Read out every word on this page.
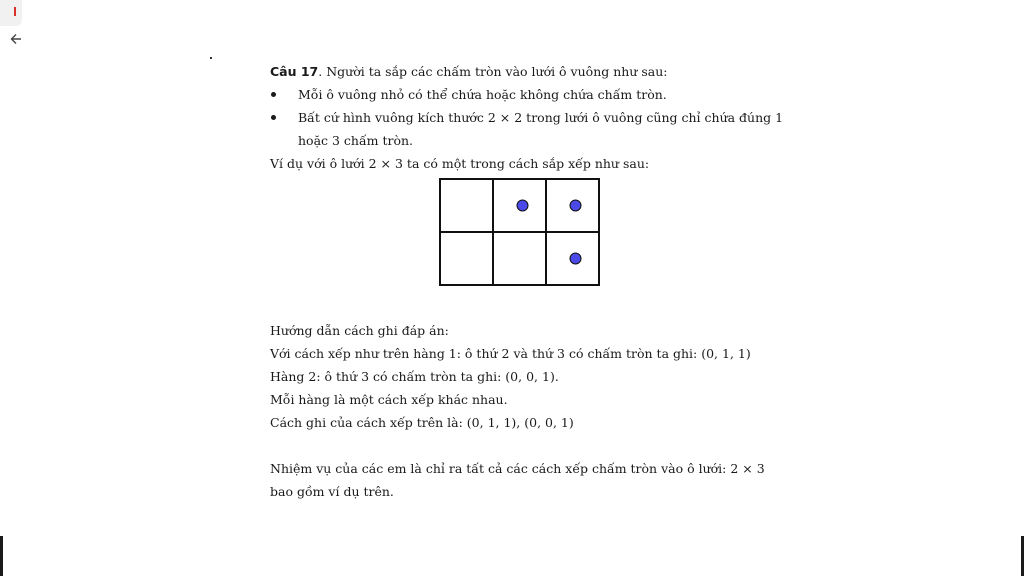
Câu 17. Người ta sắp các chấm tròn vào lưới ô vuông như sau:

Mỗi ô vuông nhỏ có thể chứa hoặc không chứa chấm tròn.

Bất cứ hình vuông kích thước 2 × 2 trong lưới ô vuông cũng chỉ chứa đúng 1 hoặc 3 chấm tròn.

Ví dụ với ô lưới 2 × 3 ta có một trong cách sắp xếp như sau:

Hướng dẫn cách ghi đáp án:

Với cách xếp như trên hàng 1: ô thứ 2 và thứ 3 có chấm tròn ta ghi: (0, 1, 1)

Hàng 2: ô thứ 3 có chấm tròn ta ghi: (0, 0, 1).

Mỗi hàng là một cách xếp khác nhau.

Cách ghi của cách xếp trên là: (0, 1, 1), (0, 0, 1)

Nhiệm vụ của các em là chỉ ra tất cả các cách xếp chấm tròn vào ô lưới: 2 × 3 bao gồm ví dụ trên.
